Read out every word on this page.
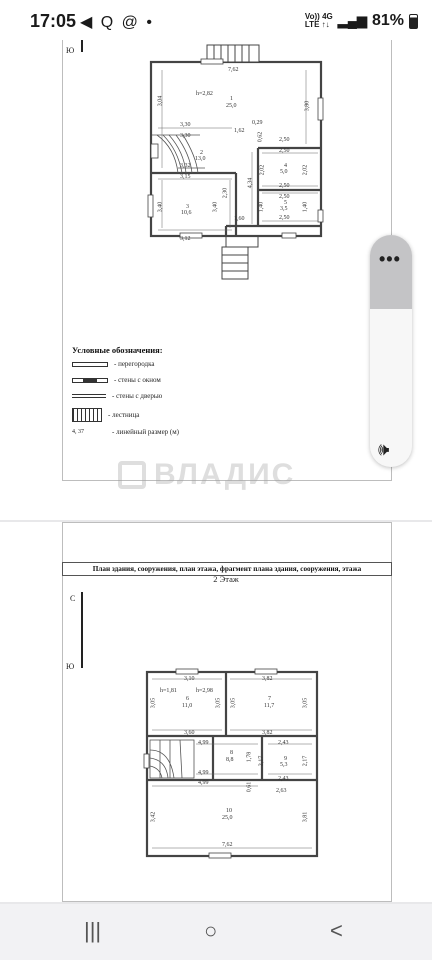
17:05 ◀ Q @ •	Vo)) 4G
LTE ↑↓ ▂▄▆ 81%
Ю
7,62
h=2,82
1
25,0
3,04	3,80
3,30
3,30
1,62
0,29
0,62	2,50
2,50
2
13,0
3,32	4
5,0
2,02	2,02
2,50
4,34
3,15
2,50
5
3,5
2,30
1,40	1,40
3,40	3,40
3
10,6
2,50
1,60
3,12
Условные обозначения:
- перегородка
- стены с окном
- стены с дверью
- лестница
4, 37	- линейный размер (м)
ВЛАДИС
•••
🕪
План здания, сооружения, план этажа, фрагмент плана здания, сооружения, этажа
2 Этаж
С
Ю
3,10	3,82
h=1,81	h=2,98
6
11,0
7
11,7
3,05	3,05 3,05	3,05
3,60	3,82
4,99	2,43
8
8,8 1,78 2,17	2,17
9
5,3
4,99
2,43
0,61
4,99
2,63
10
25,0
3,42	3,81
7,62
|||	○	<
